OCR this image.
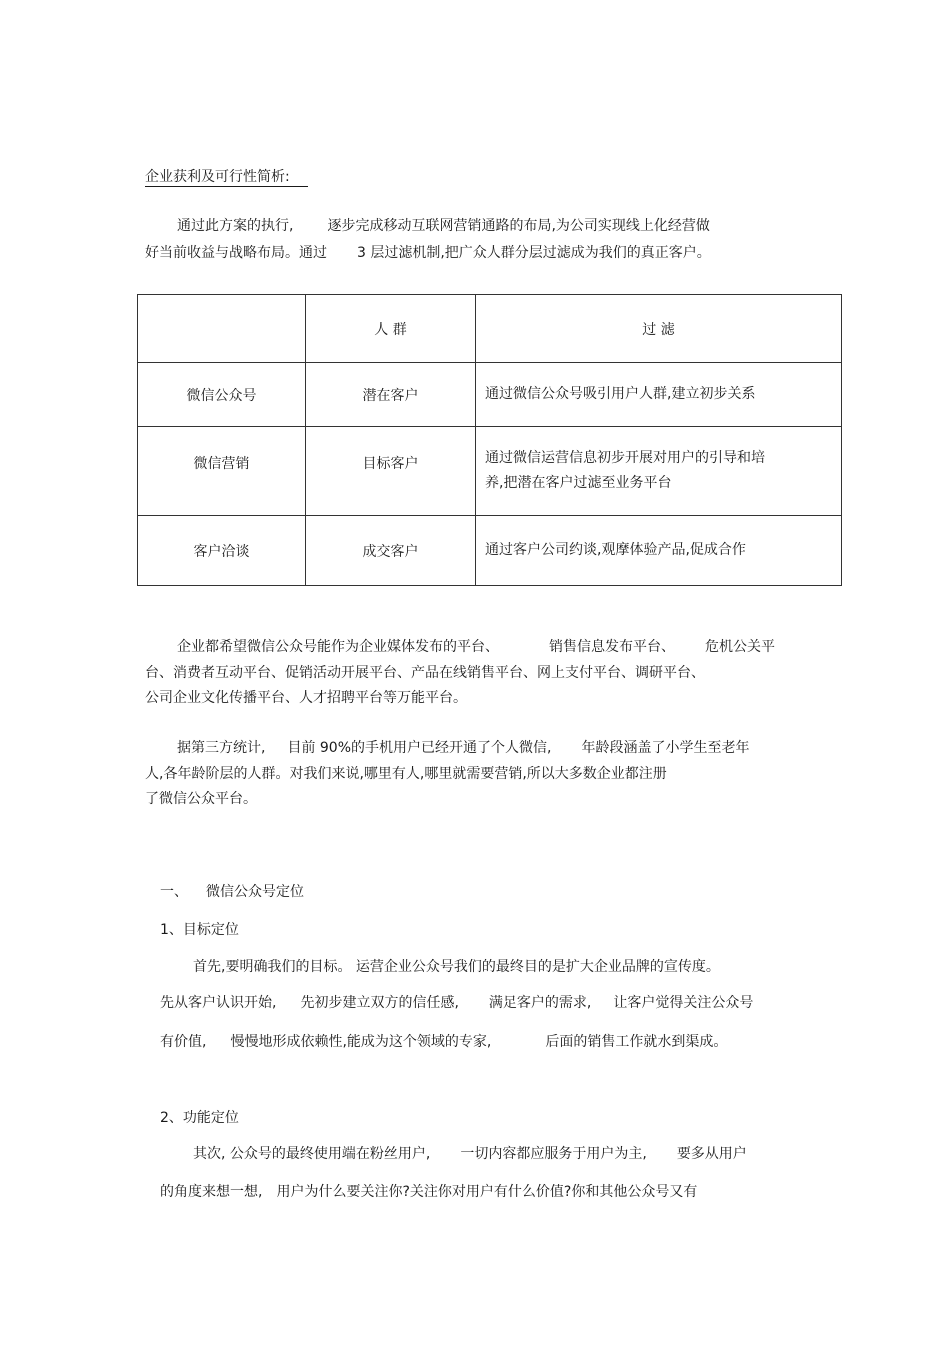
企业获利及可行性简析:
通过此方案的执行, 逐步完成移动互联网营销通路的布局,为公司实现线上化经营做
好当前收益与战略布局。通过 3 层过滤机制,把广众人群分层过滤成为我们的真正客户。
	人 群	过 滤
微信公众号	潜在客户	通过微信公众号吸引用户人群,建立初步关系
微信营销	目标客户	通过微信运营信息初步开展对用户的引导和培
养,把潜在客户过滤至业务平台

客户洽谈	成交客户	通过客户公司约谈,观摩体验产品,促成合作
企业都希望微信公众号能作为企业媒体发布的平台、	销售信息发布平台、 危机公关平
台、消费者互动平台、促销活动开展平台、产品在线销售平台、网上支付平台、调研平台、
公司企业文化传播平台、人才招聘平台等万能平台。
据第三方统计, 目前 90%的手机用户已经开通了个人微信, 年龄段涵盖了小学生至老年
人,各年龄阶层的人群。对我们来说,哪里有人,哪里就需要营销,所以大多数企业都注册
了微信公众平台。
一、 微信公众号定位
1、目标定位
首先,要明确我们的目标。 运营企业公众号我们的最终目的是扩大企业品牌的宣传度。
先从客户认识开始, 先初步建立双方的信任感, 满足客户的需求, 让客户觉得关注公众号
有价值, 慢慢地形成依赖性,能成为这个领域的专家,	后面的销售工作就水到渠成。
2、功能定位
其次, 公众号的最终使用端在粉丝用户, 一切内容都应服务于用户为主, 要多从用户
的角度来想一想, 用户为什么要关注你?关注你对用户有什么价值?你和其他公众号又有
